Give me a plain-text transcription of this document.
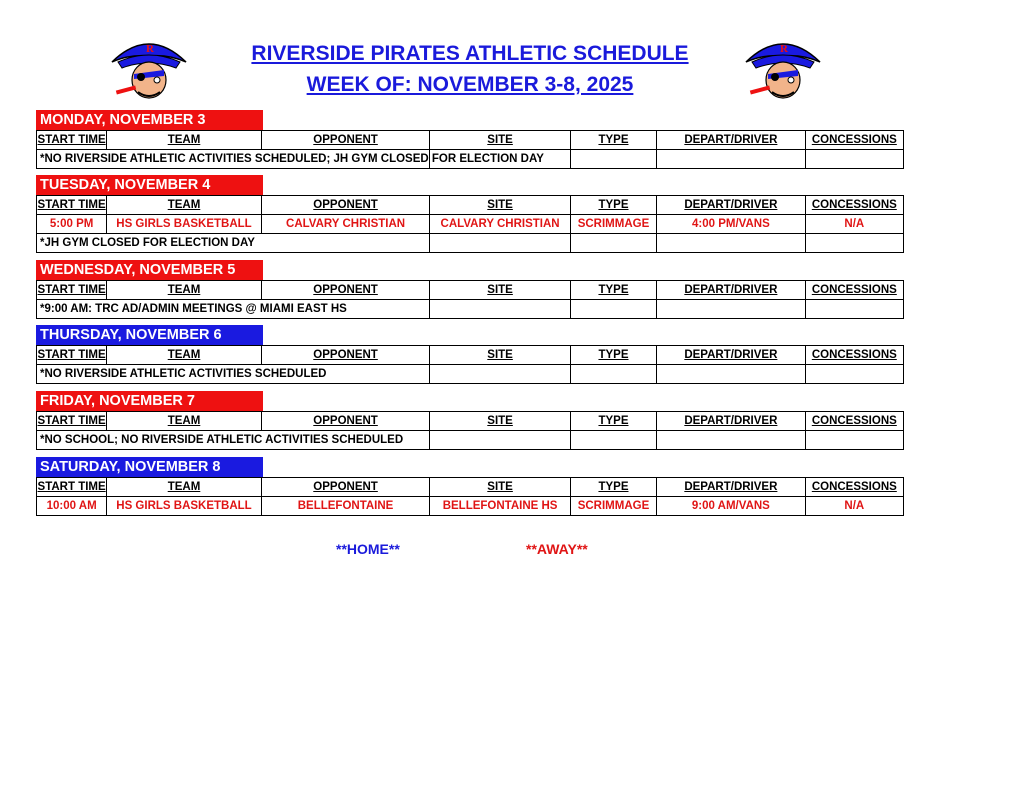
R	R
RIVERSIDE PIRATES ATHLETIC SCHEDULE
WEEK OF: NOVEMBER 3-8, 2025
MONDAY, NOVEMBER 3
START TIME	TEAM	OPPONENT	SITE	TYPE	DEPART/DRIVER	CONCESSIONS
*NO RIVERSIDE ATHLETIC ACTIVITIES SCHEDULED; JH GYM CLOSED FOR ELECTION DAY						
TUESDAY, NOVEMBER 4
START TIME	TEAM	OPPONENT	SITE	TYPE	DEPART/DRIVER	CONCESSIONS
5:00 PM	HS GIRLS BASKETBALL	CALVARY CHRISTIAN	CALVARY CHRISTIAN	SCRIMMAGE	4:00 PM/VANS	N/A
*JH GYM CLOSED FOR ELECTION DAY						
WEDNESDAY, NOVEMBER 5
START TIME	TEAM	OPPONENT	SITE	TYPE	DEPART/DRIVER	CONCESSIONS
*9:00 AM: TRC AD/ADMIN MEETINGS @ MIAMI EAST HS						
THURSDAY, NOVEMBER 6
START TIME	TEAM	OPPONENT	SITE	TYPE	DEPART/DRIVER	CONCESSIONS
*NO RIVERSIDE ATHLETIC ACTIVITIES SCHEDULED						
FRIDAY, NOVEMBER 7
START TIME	TEAM	OPPONENT	SITE	TYPE	DEPART/DRIVER	CONCESSIONS
*NO SCHOOL; NO RIVERSIDE ATHLETIC ACTIVITIES SCHEDULED						
SATURDAY, NOVEMBER 8
START TIME	TEAM	OPPONENT	SITE	TYPE	DEPART/DRIVER	CONCESSIONS
10:00 AM	HS GIRLS BASKETBALL	BELLEFONTAINE	BELLEFONTAINE HS	SCRIMMAGE	9:00 AM/VANS	N/A
**HOME**	**AWAY**
